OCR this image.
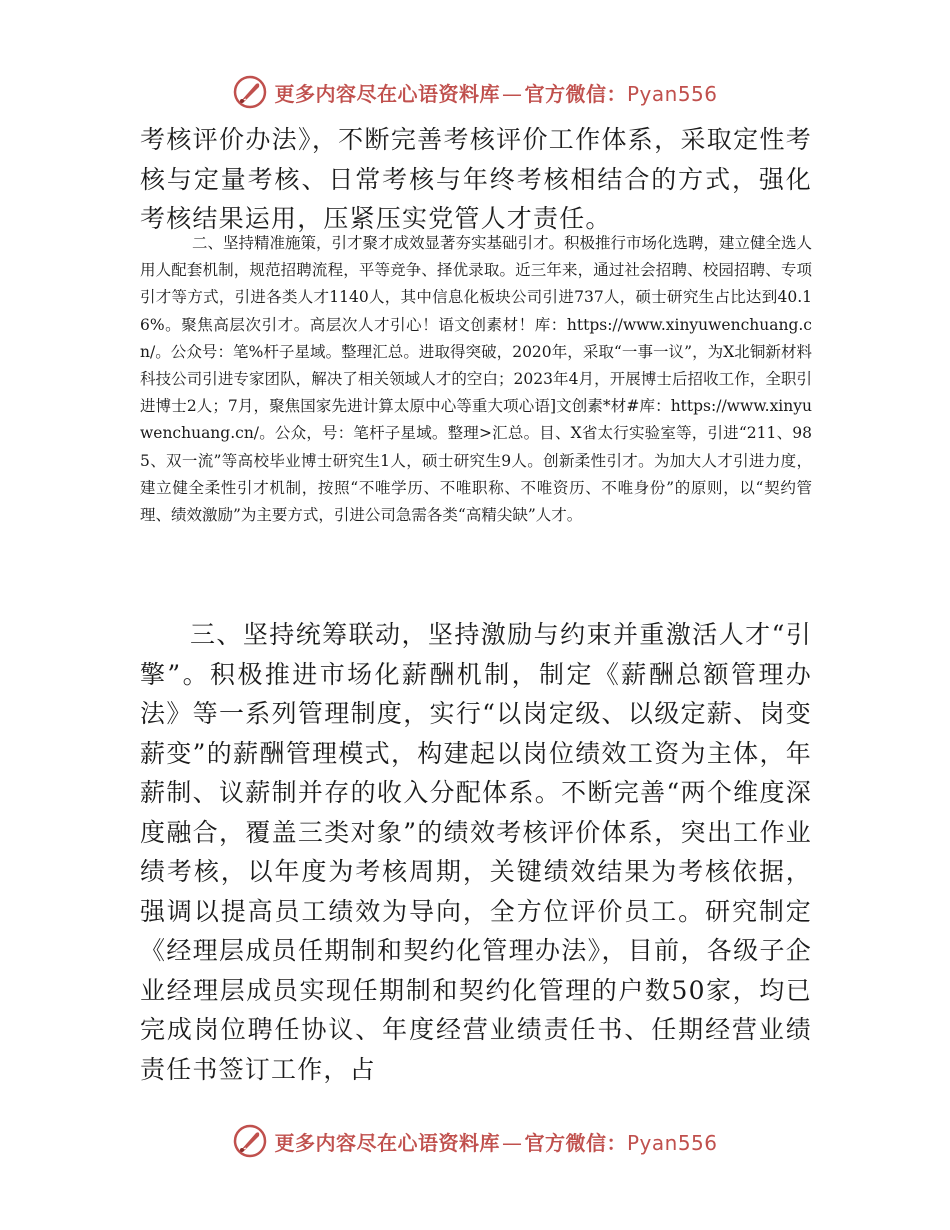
更多内容尽在心语资料库 — 官方微信：Pyan556

考核评价办法》，不断完善考核评价工作体系，采取定性考核与定量考核、日常考核与年终考核相结合的方式，强化考核结果运用，压紧压实党管人才责任。

二、坚持精准施策，引才聚才成效显著夯实基础引才。积极推行市场化选聘，建立健全选人用人配套机制，规范招聘流程，平等竞争、择优录取。近三年来，通过社会招聘、校园招聘、专项引才等方式，引进各类人才1140人，其中信息化板块公司引进737人，硕士研究生占比达到40.16%。聚焦高层次引才。高层次人才引心！语文创素材！库：https://www.xinyuwenchuang.cn/。公众号：笔%杆子星域。整理汇总。进取得突破，2020年，采取“一事一议”，为X北铜新材料科技公司引进专家团队，解决了相关领域人才的空白；2023年4月，开展博士后招收工作，全职引进博士2人；7月，聚焦国家先进计算太原中心等重大项心语]文创素*材#库：https://www.xinyuwenchuang.cn/。公众，号：笔杆子星域。整理>汇总。目、X省太行实验室等，引进“211、985、双一流”等高校毕业博士研究生1人，硕士研究生9人。创新柔性引才。为加大人才引进力度，建立健全柔性引才机制，按照“不唯学历、不唯职称、不唯资历、不唯身份”的原则，以“契约管理、绩效激励”为主要方式，引进公司急需各类“高精尖缺”人才。

三、坚持统筹联动，坚持激励与约束并重激活人才“引擎”。积极推进市场化薪酬机制，制定《薪酬总额管理办法》等一系列管理制度，实行“以岗定级、以级定薪、岗变薪变”的薪酬管理模式，构建起以岗位绩效工资为主体，年薪制、议薪制并存的收入分配体系。不断完善“两个维度深度融合，覆盖三类对象”的绩效考核评价体系，突出工作业绩考核，以年度为考核周期，关键绩效结果为考核依据，强调以提高员工绩效为导向，全方位评价员工。研究制定《经理层成员任期制和契约化管理办法》，目前，各级子企业经理层成员实现任期制和契约化管理的户数50家，均已完成岗位聘任协议、年度经营业绩责任书、任期经营业绩责任书签订工作，占

更多内容尽在心语资料库 — 官方微信：Pyan556
